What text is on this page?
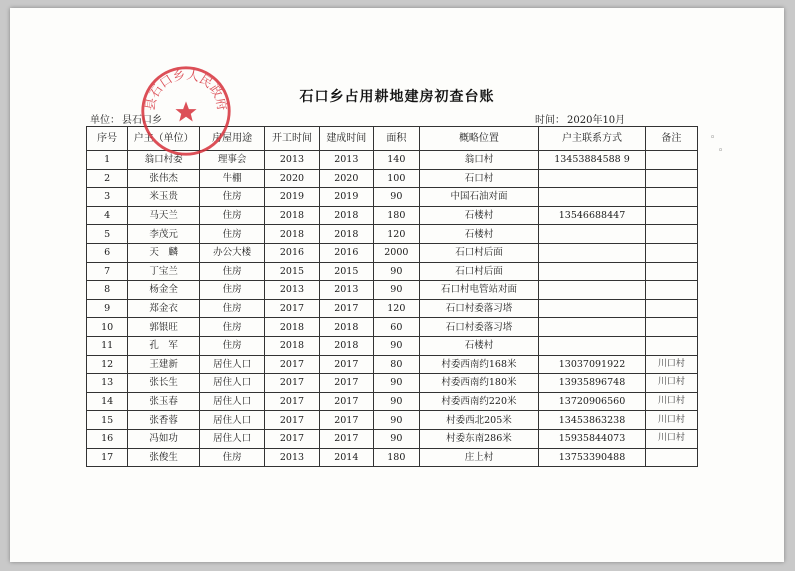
石口乡占用耕地建房初查台账
单位： 县石口乡	时间： 2020年10月
序号	户主（单位）	房屋用途	开工时间	建成时间	面积	概略位置	户主联系方式	备注
1	翁口村委	理事会	2013	2013	140	翁口村	13453884588 9	
2	张伟杰	牛棚	2020	2020	100	石口村		
3	米玉贵	住房	2019	2019	90	中国石油对面		
4	马天兰	住房	2018	2018	180	石楼村	13546688447	
5	李茂元	住房	2018	2018	120	石楼村		
6	天　麟	办公大楼	2016	2016	2000	石口村后面		
7	丁宝兰	住房	2015	2015	90	石口村后面		
8	杨金全	住房	2013	2013	90	石口村电管站对面		
9	郑金衣	住房	2017	2017	120	石口村委落习塔		
10	郭银旺	住房	2018	2018	60	石口村委落习塔		
11	孔　军	住房	2018	2018	90	石楼村		
12	王建新	居住人口	2017	2017	80	村委西南约168米	13037091922	川口村
13	张长生	居住人口	2017	2017	90	村委西南约180米	13935896748	川口村
14	张玉春	居住人口	2017	2017	90	村委西南约220米	13720906560	川口村
15	张香蓉	居住人口	2017	2017	90	村委西北205米	13453863238	川口村
16	冯如功	居住人口	2017	2017	90	村委东南286米	15935844073	川口村
17	张俊生	住房	2013	2014	180	庄上村	13753390488	
县石口乡人民政府
◦
◦
